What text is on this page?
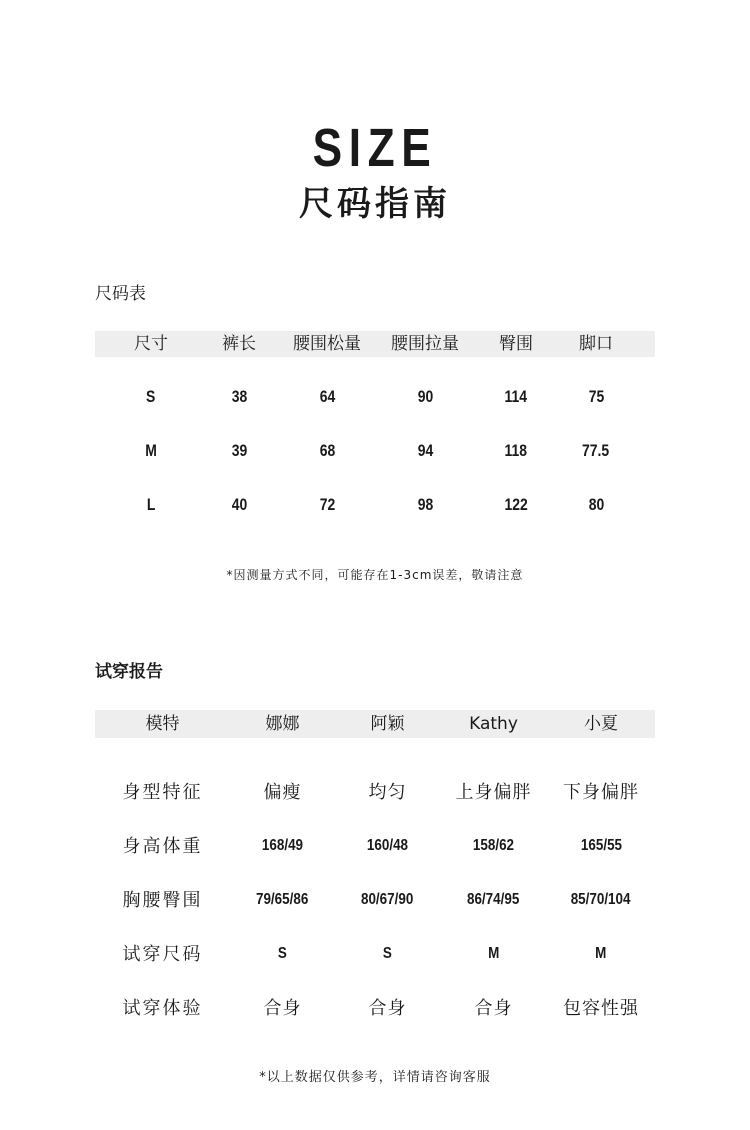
SIZE
尺码指南
尺码表
尺寸	裤长	腰围松量	腰围拉量	臀围	脚口
S	38	64	90	114	75
M	39	68	94	118	77.5
L	40	72	98	122	80
*因测量方式不同，可能存在1-3cm误差，敬请注意
试穿报告
模特	娜娜	阿颖	Kathy	小夏
身型特征	偏瘦	均匀	上身偏胖	下身偏胖
身高体重	168/49	160/48	158/62	165/55
胸腰臀围	79/65/86	80/67/90	86/74/95	85/70/104
试穿尺码	S	S	M	M
试穿体验	合身	合身	合身	包容性强
*以上数据仅供参考，详情请咨询客服
